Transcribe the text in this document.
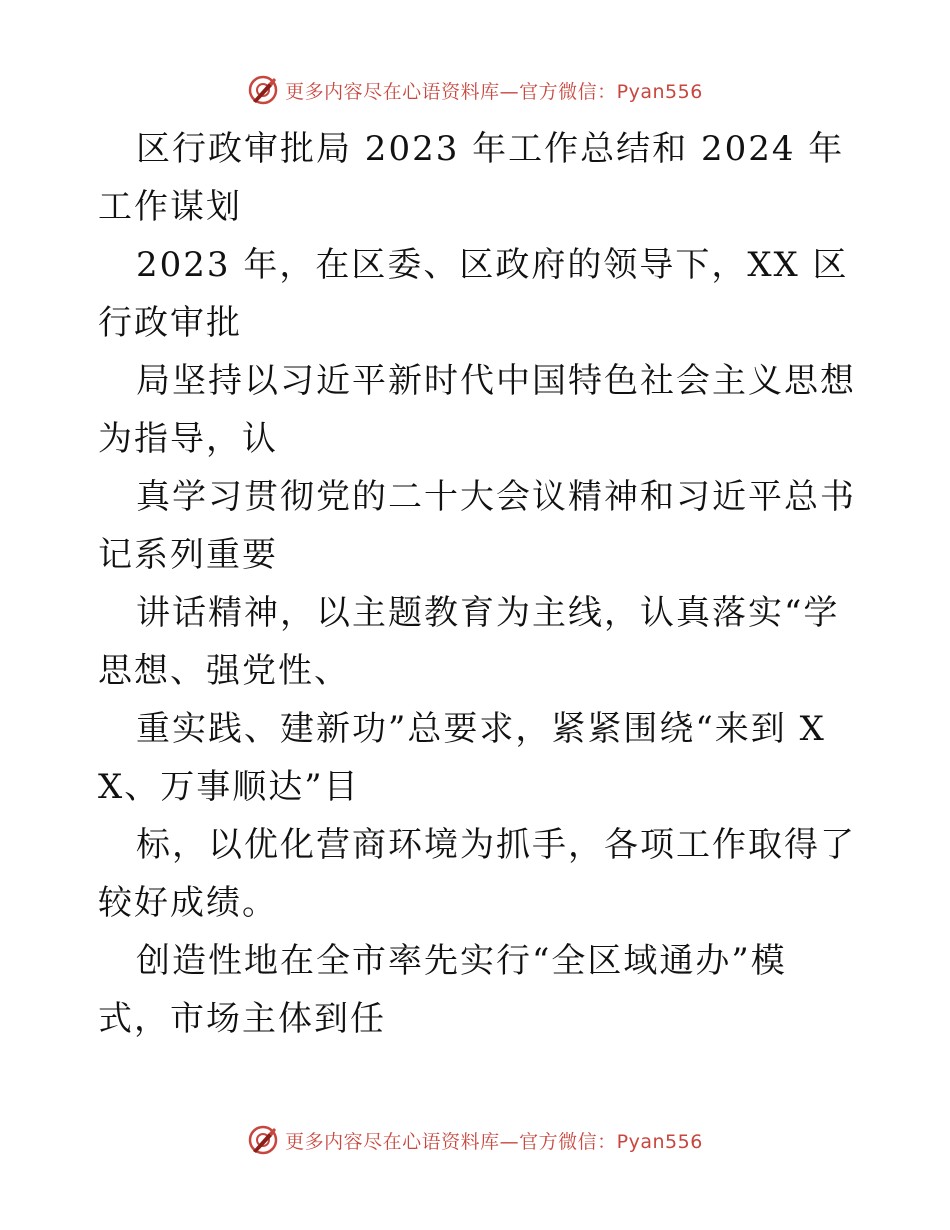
更多内容尽在心语资料库—官方微信：Pyan556

区行政审批局 2023 年工作总结和 2024 年工作谋划

2023 年，在区委、区政府的领导下，XX 区行政审批

局坚持以习近平新时代中国特色社会主义思想为指导，认

真学习贯彻党的二十大会议精神和习近平总书记系列重要

讲话精神，以主题教育为主线，认真落实“学思想、强党性、

重实践、建新功”总要求，紧紧围绕“来到 XX、万事顺达”目

标，以优化营商环境为抓手，各项工作取得了较好成绩。

创造性地在全市率先实行“全区域通办”模式，市场主体到任

更多内容尽在心语资料库—官方微信：Pyan556
